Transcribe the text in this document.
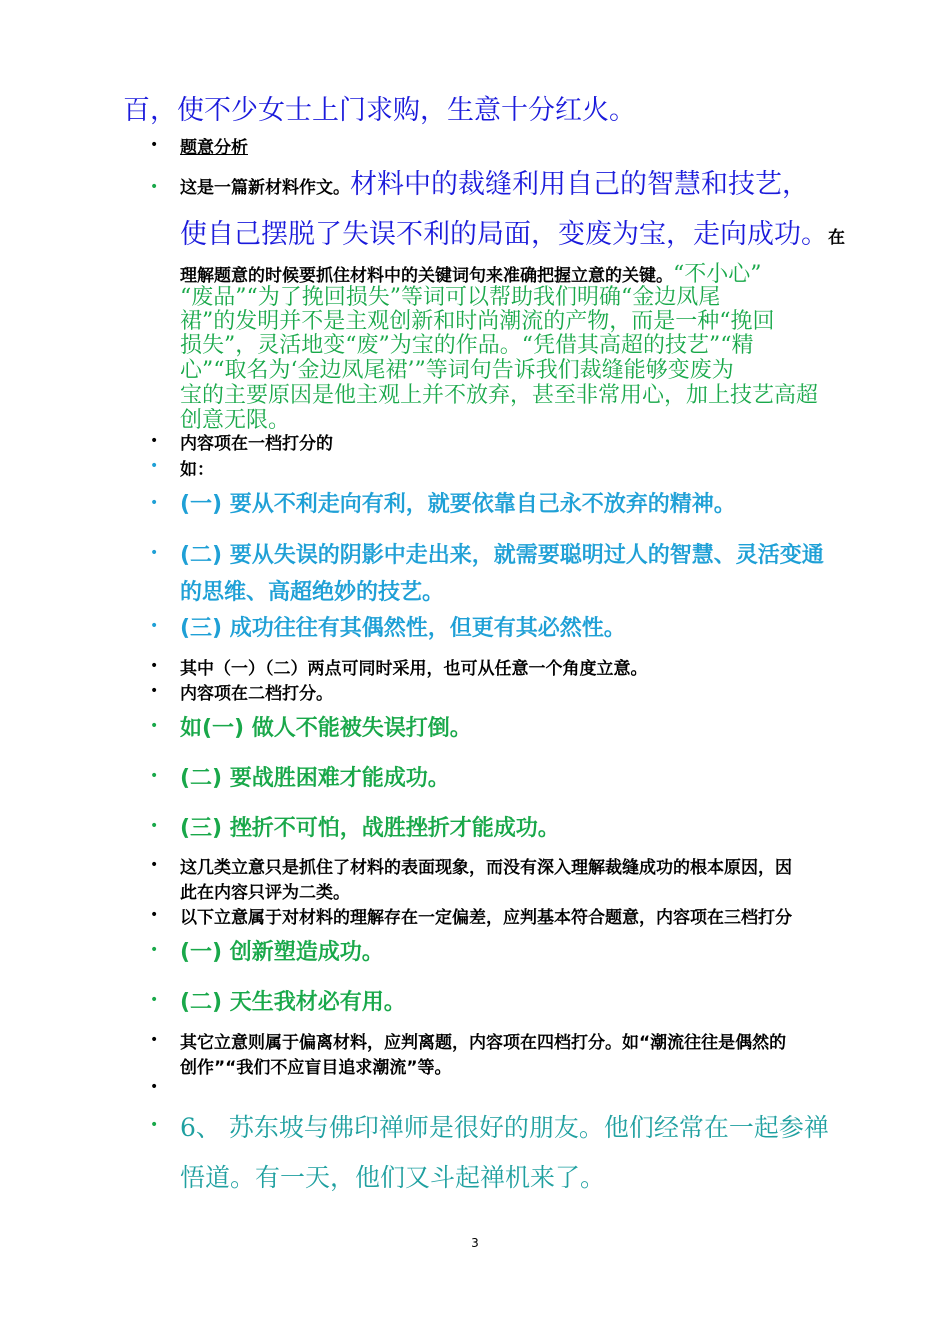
百，使不少女士上门求购，生意十分红火。
• 题意分析
• 这是一篇新材料作文。材料中的裁缝利用自己的智慧和技艺，
使自己摆脱了失误不利的局面，变废为宝，走向成功。在
理解题意的时候要抓住材料中的关键词句来准确把握立意的关键。“不小心”
“废品”“为了挽回损失”等词可以帮助我们明确“金边凤尾
裙”的发明并不是主观创新和时尚潮流的产物，而是一种“挽回
损失”，灵活地变“废”为宝的作品。“凭借其高超的技艺”“精
心”“取名为‘金边凤尾裙’”等词句告诉我们裁缝能够变废为
宝的主要原因是他主观上并不放弃，甚至非常用心，加上技艺高超
创意无限。
• 内容项在一档打分的
• 如：
• (一) 要从不利走向有利，就要依靠自己永不放弃的精神。
• (二) 要从失误的阴影中走出来，就需要聪明过人的智慧、灵活变通
的思维、高超绝妙的技艺。
• (三) 成功往往有其偶然性，但更有其必然性。
• 其中（一）（二）两点可同时采用，也可从任意一个角度立意。
• 内容项在二档打分。
• 如(一) 做人不能被失误打倒。
• (二) 要战胜困难才能成功。
• (三) 挫折不可怕，战胜挫折才能成功。
• 这几类立意只是抓住了材料的表面现象，而没有深入理解裁缝成功的根本原因，因
此在内容只评为二类。
• 以下立意属于对材料的理解存在一定偏差，应判基本符合题意，内容项在三档打分
• (一) 创新塑造成功。
• (二) 天生我材必有用。
• 其它立意则属于偏离材料，应判离题，内容项在四档打分。如“潮流往往是偶然的
创作”“我们不应盲目追求潮流”等。
•
• 6、 苏东坡与佛印禅师是很好的朋友。他们经常在一起参禅
悟道。有一天，他们又斗起禅机来了。
3
